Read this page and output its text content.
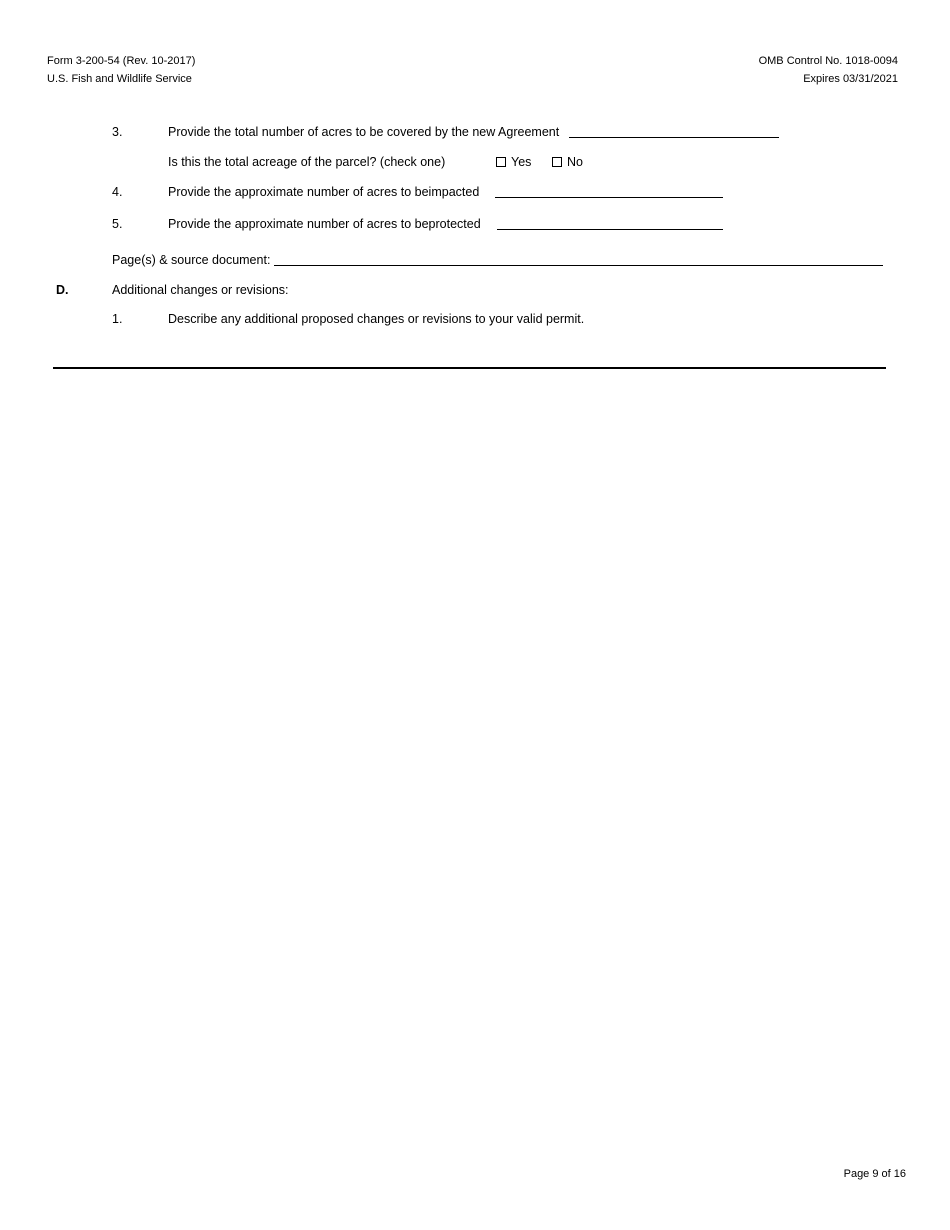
Form 3-200-54 (Rev. 10-2017)
U.S. Fish and Wildlife Service
OMB Control No. 1018-0094
Expires 03/31/2021
3.	Provide the total number of acres to be covered by the new Agreement
Is this the total acreage of the parcel? (check one)	Yes	No
4.	Provide the approximate number of acres to beimpacted
5.	Provide the approximate number of acres to beprotected
Page(s) & source document:
D.	Additional changes or revisions:
1.	Describe any additional proposed changes or revisions to your valid permit.
Page 9 of 16
